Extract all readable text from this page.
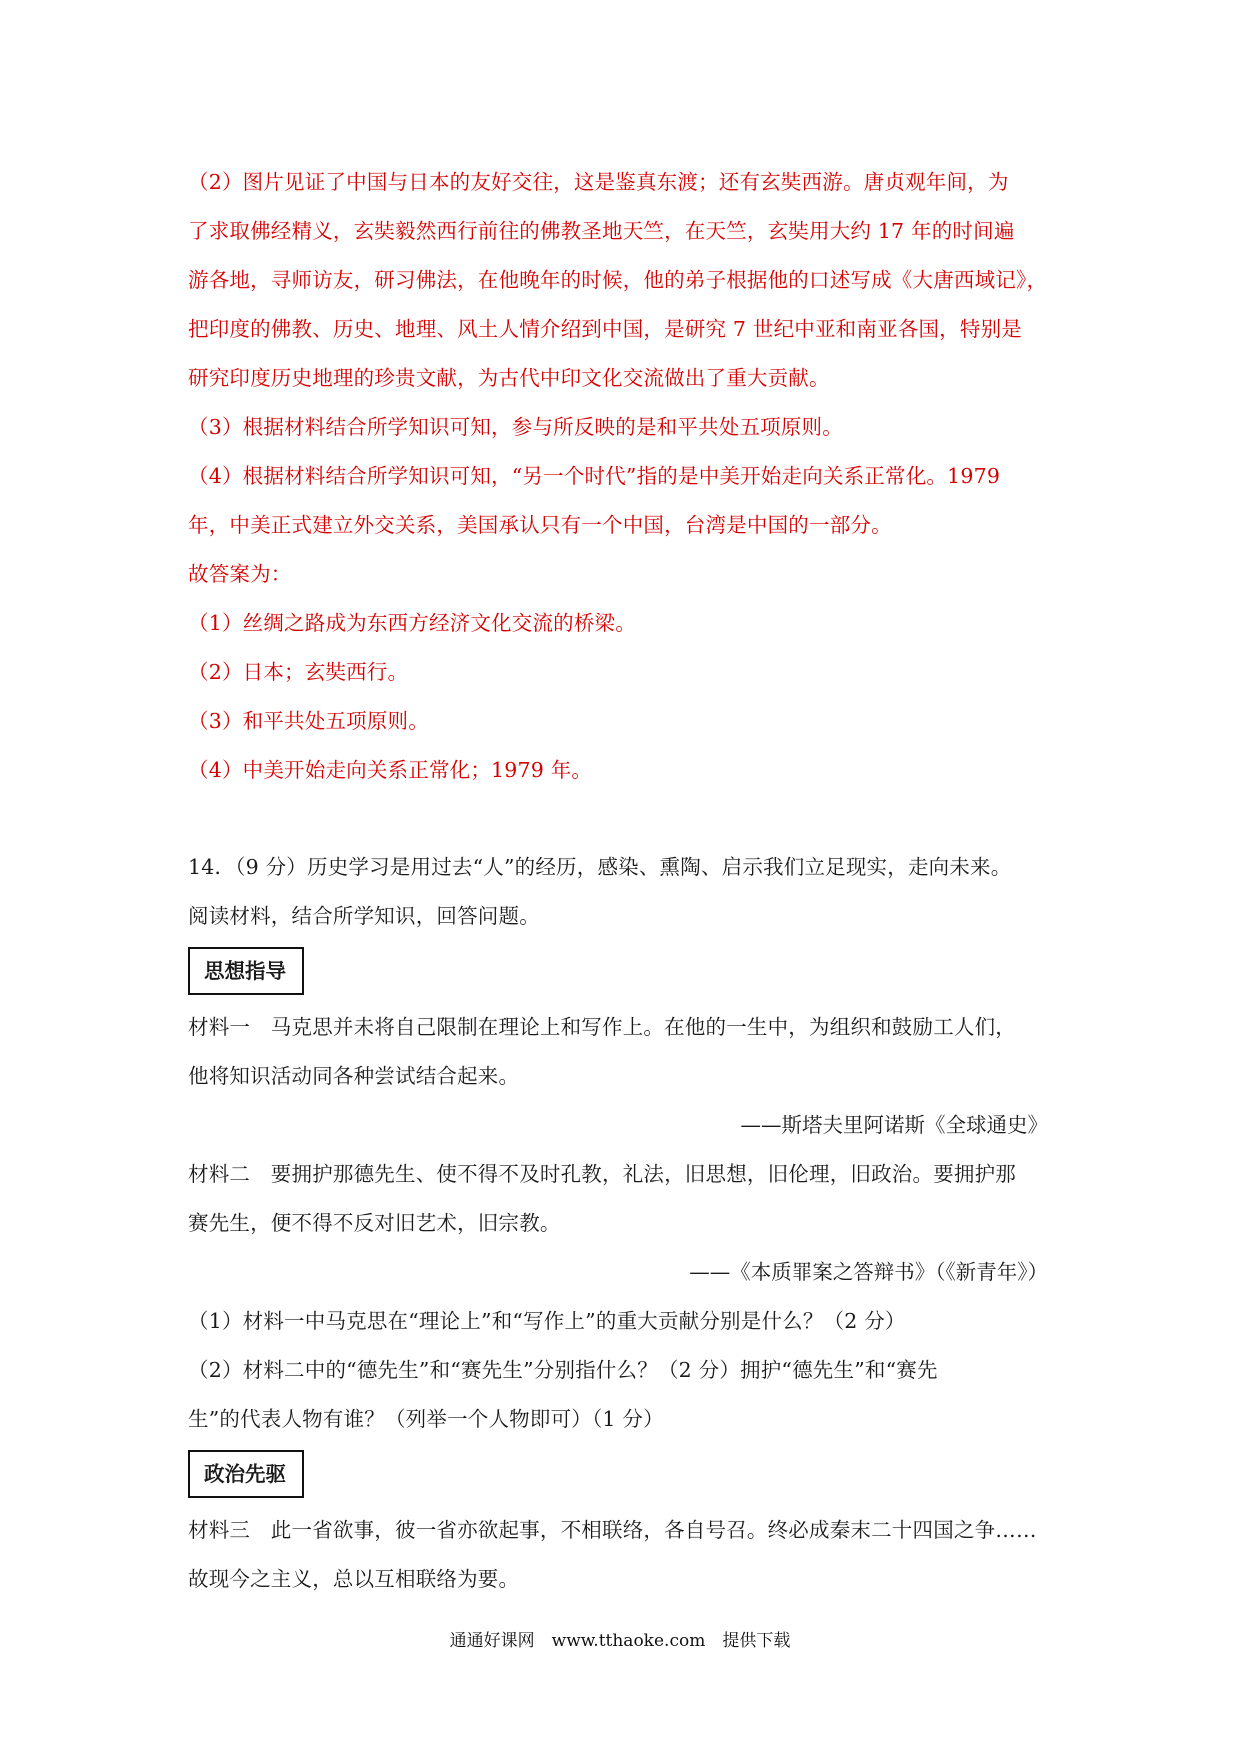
（2）图片见证了中国与日本的友好交往，这是鉴真东渡；还有玄奘西游。唐贞观年间，为
了求取佛经精义，玄奘毅然西行前往的佛教圣地天竺，在天竺，玄奘用大约 17 年的时间遍
游各地，寻师访友，研习佛法，在他晚年的时候，他的弟子根据他的口述写成《大唐西域记》，
把印度的佛教、历史、地理、风土人情介绍到中国，是研究 7 世纪中亚和南亚各国，特别是
研究印度历史地理的珍贵文献，为古代中印文化交流做出了重大贡献。
（3）根据材料结合所学知识可知，参与所反映的是和平共处五项原则。
（4）根据材料结合所学知识可知，“另一个时代”指的是中美开始走向关系正常化。1979
年，中美正式建立外交关系，美国承认只有一个中国，台湾是中国的一部分。
故答案为：
（1）丝绸之路成为东西方经济文化交流的桥梁。
（2）日本；玄奘西行。
（3）和平共处五项原则。
（4）中美开始走向关系正常化；1979 年。
14．（9 分）历史学习是用过去“人”的经历，感染、熏陶、启示我们立足现实，走向未来。
阅读材料，结合所学知识，回答问题。
思想指导
材料一　马克思并未将自己限制在理论上和写作上。在他的一生中，为组织和鼓励工人们，
他将知识活动同各种尝试结合起来。
——斯塔夫里阿诺斯《全球通史》
材料二　要拥护那德先生、使不得不及时孔教，礼法，旧思想，旧伦理，旧政治。要拥护那
赛先生，便不得不反对旧艺术，旧宗教。
——《本质罪案之答辩书》（《新青年》）
（1）材料一中马克思在“理论上”和“写作上”的重大贡献分别是什么？（2 分）
（2）材料二中的“德先生”和“赛先生”分别指什么？（2 分）拥护“德先生”和“赛先
生”的代表人物有谁？（列举一个人物即可）（1 分）
政治先驱
材料三　此一省欲事，彼一省亦欲起事，不相联络，各自号召。终必成秦末二十四国之争……
故现今之主义，总以互相联络为要。
通通好课网　www.tthaoke.com　提供下载
